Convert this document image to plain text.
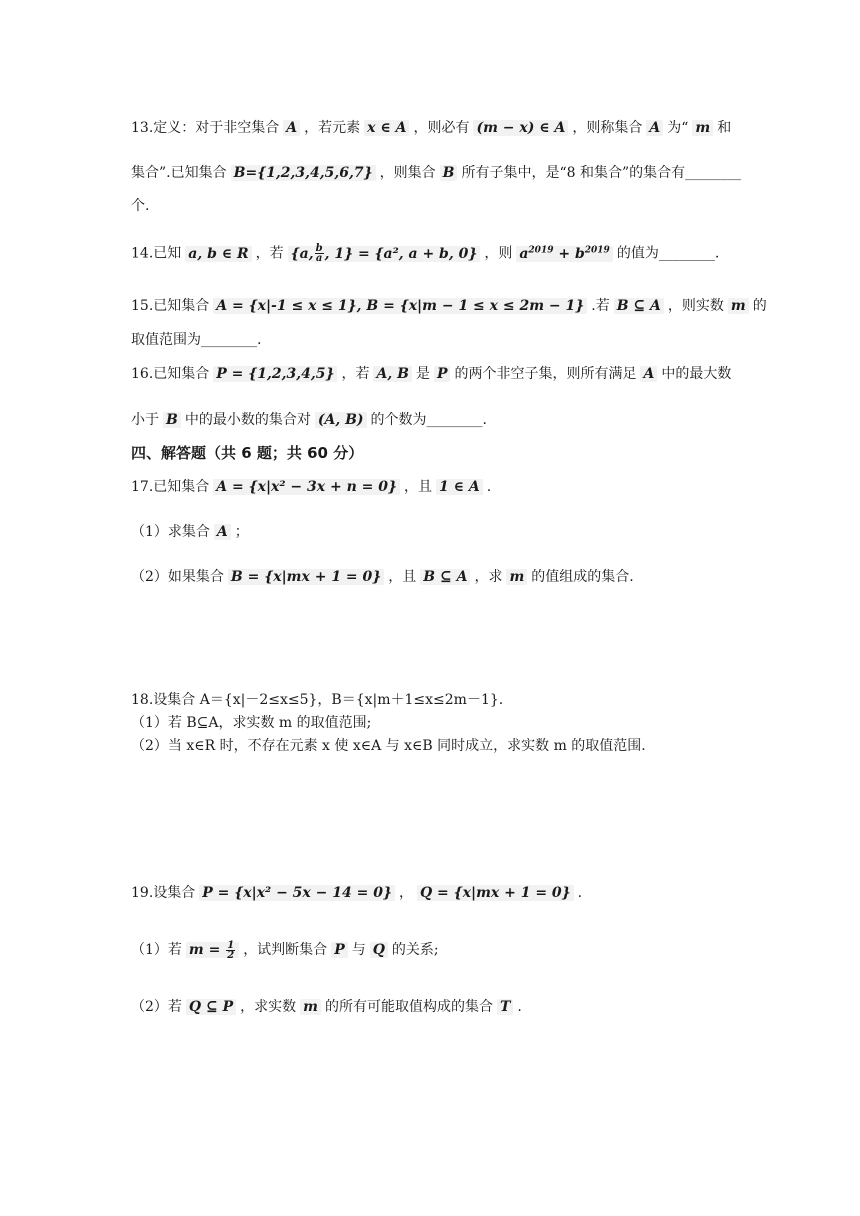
13.定义：对于非空集合 A ，若元素 x ∈ A ，则必有 (m − x) ∈ A ，则称集合 A 为“ m 和
集合”.已知集合 B={1,2,3,4,5,6,7} ，则集合 B 所有子集中，是“8 和集合”的集合有________
个.
14.已知 a, b ∈ R ，若 {a, $\frac{b}{a}$ , 1} = {a², a + b, 0} ，则 $a^{2019} + b^{2019}$ 的值为________.
15.已知集合 A = {x|-1 ≤ x ≤ 1}, B = {x|m − 1 ≤ x ≤ 2m − 1} .若 B ⊆ A ，则实数 m 的
取值范围为________.
16.已知集合 P = {1,2,3,4,5} ，若 A, B 是 P 的两个非空子集，则所有满足 A 中的最大数
小于 B 中的最小数的集合对 (A, B) 的个数为________.
四、解答题（共 6 题；共 60 分）
17.已知集合 A = {x|x² − 3x + n = 0} ，且 1 ∈ A .
（1）求集合 A ；
（2）如果集合 B = {x|mx + 1 = 0} ，且 B ⊆ A ，求 m 的值组成的集合.
18.设集合 A＝{x|－2≤x≤5}，B＝{x|m＋1≤x≤2m－1}.
（1）若 B⊆A，求实数 m 的取值范围;
（2）当 x∈R 时，不存在元素 x 使 x∈A 与 x∈B 同时成立，求实数 m 的取值范围.
19.设集合 P = {x|x² − 5x − 14 = 0} ， Q = {x|mx + 1 = 0} .
（1）若 $m = \frac{1}{2}$ ，试判断集合 P 与 Q 的关系;
（2）若 Q ⊆ P ，求实数 m 的所有可能取值构成的集合 T .
